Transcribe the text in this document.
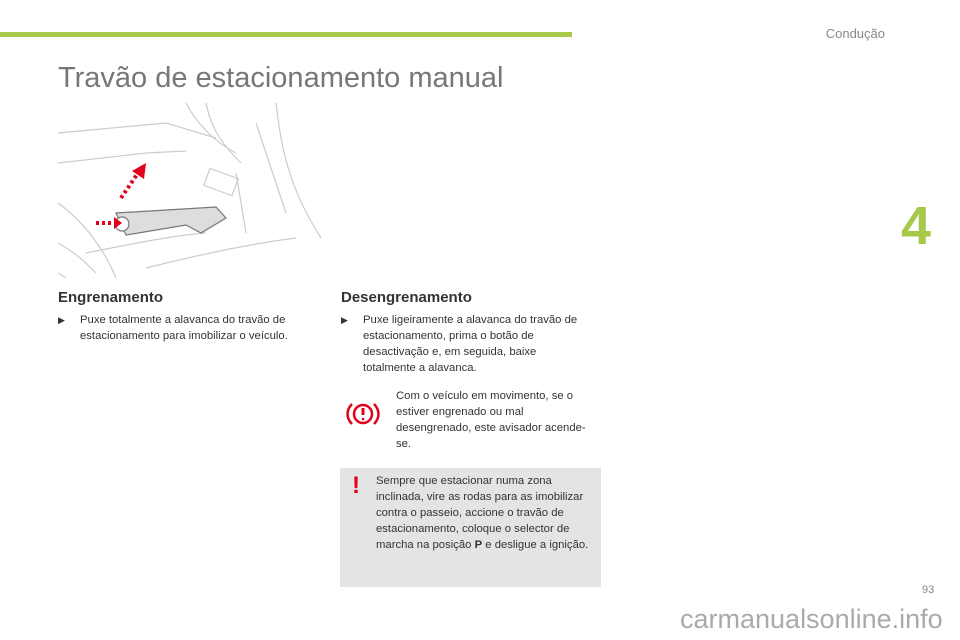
Condução
4
Travão de estacionamento manual
Engrenamento
▶ Puxe totalmente a alavanca do travão de estacionamento para imobilizar o veículo.
Desengrenamento
▶ Puxe ligeiramente a alavanca do travão de estacionamento, prima o botão de desactivação e, em seguida, baixe totalmente a alavanca.
Com o veículo em movimento, se o estiver engrenado ou mal desengrenado, este avisador acende-se.
! Sempre que estacionar numa zona inclinada, vire as rodas para as imobilizar contra o passeio, accione o travão de estacionamento, coloque o selector de marcha na posição P e desligue a ignição.
93
carmanualsonline.info
